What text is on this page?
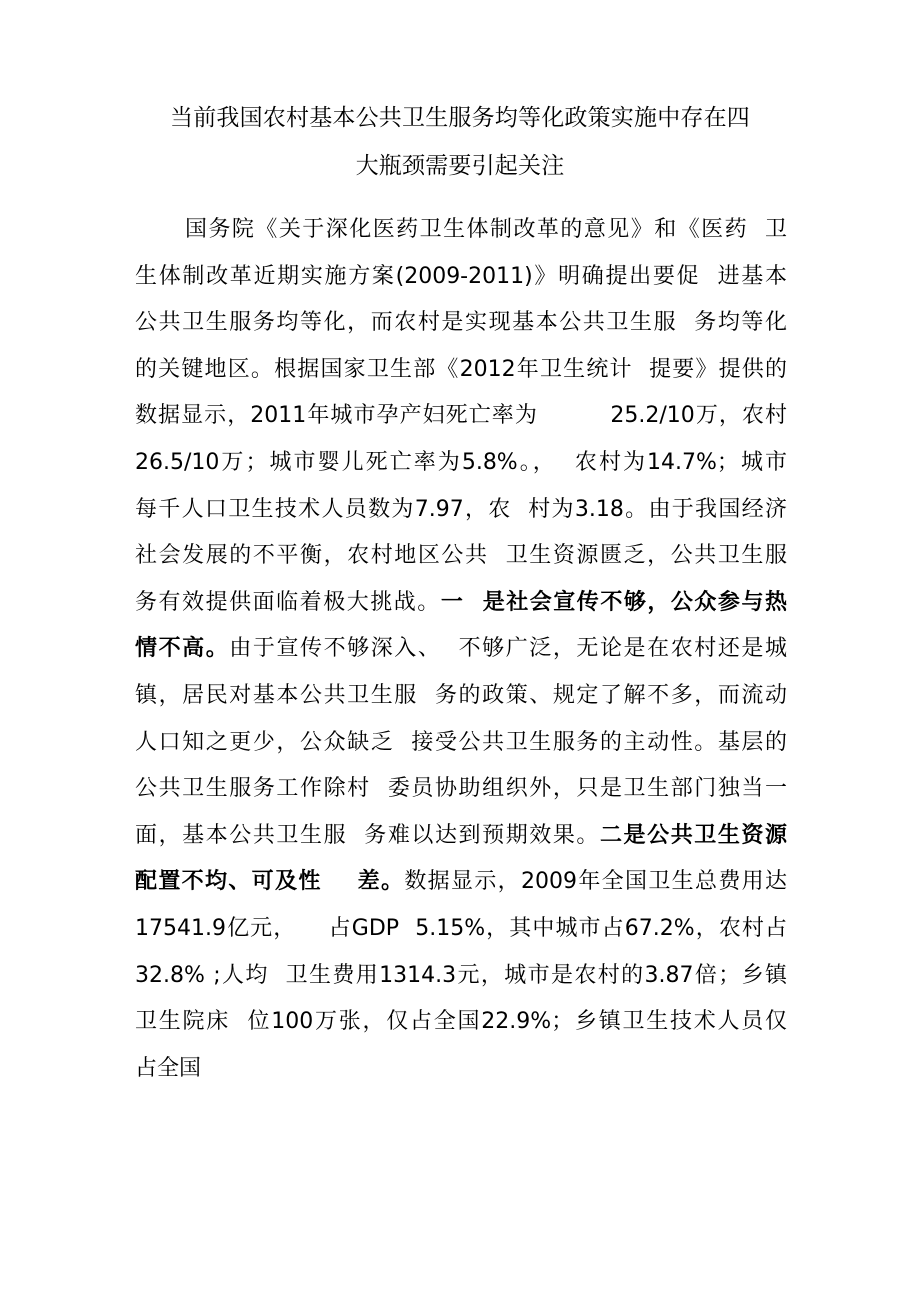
当前我国农村基本公共卫生服务均等化政策实施中存在四
大瓶颈需要引起关注
国务院《关于深化医药卫生体制改革的意见》和《医药  卫
生体制改革近期实施方案(2009-2011)》明确提出要促  进基本
公共卫生服务均等化，而农村是实现基本公共卫生服  务均等化
的关键地区。根据国家卫生部《2012年卫生统计  提要》提供的
数据显示，2011年城市孕产妇死亡率为         25.2/10万，农村
26.5/10万；城市婴儿死亡率为5.8%。，  农村为14.7%；城市
每千人口卫生技术人员数为7.97，农  村为3.18。由于我国经济
社会发展的不平衡，农村地区公共  卫生资源匮乏，公共卫生服
务有效提供面临着极大挑战。一  是社会宣传不够，公众参与热
情不高。由于宣传不够深入、  不够广泛，无论是在农村还是城
镇，居民对基本公共卫生服  务的政策、规定了解不多，而流动
人口知之更少，公众缺乏  接受公共卫生服务的主动性。基层的
公共卫生服务工作除村  委员协助组织外，只是卫生部门独当一
面，基本公共卫生服  务难以达到预期效果。二是公共卫生资源
配置不均、可及性    差。数据显示，2009年全国卫生总费用达
17541.9亿元，    占GDP  5.15%，其中城市占67.2%，农村占
32.8% ;人均  卫生费用1314.3元，城市是农村的3.87倍；乡镇
卫生院床  位100万张，仅占全国22.9%；乡镇卫生技术人员仅
占全国
